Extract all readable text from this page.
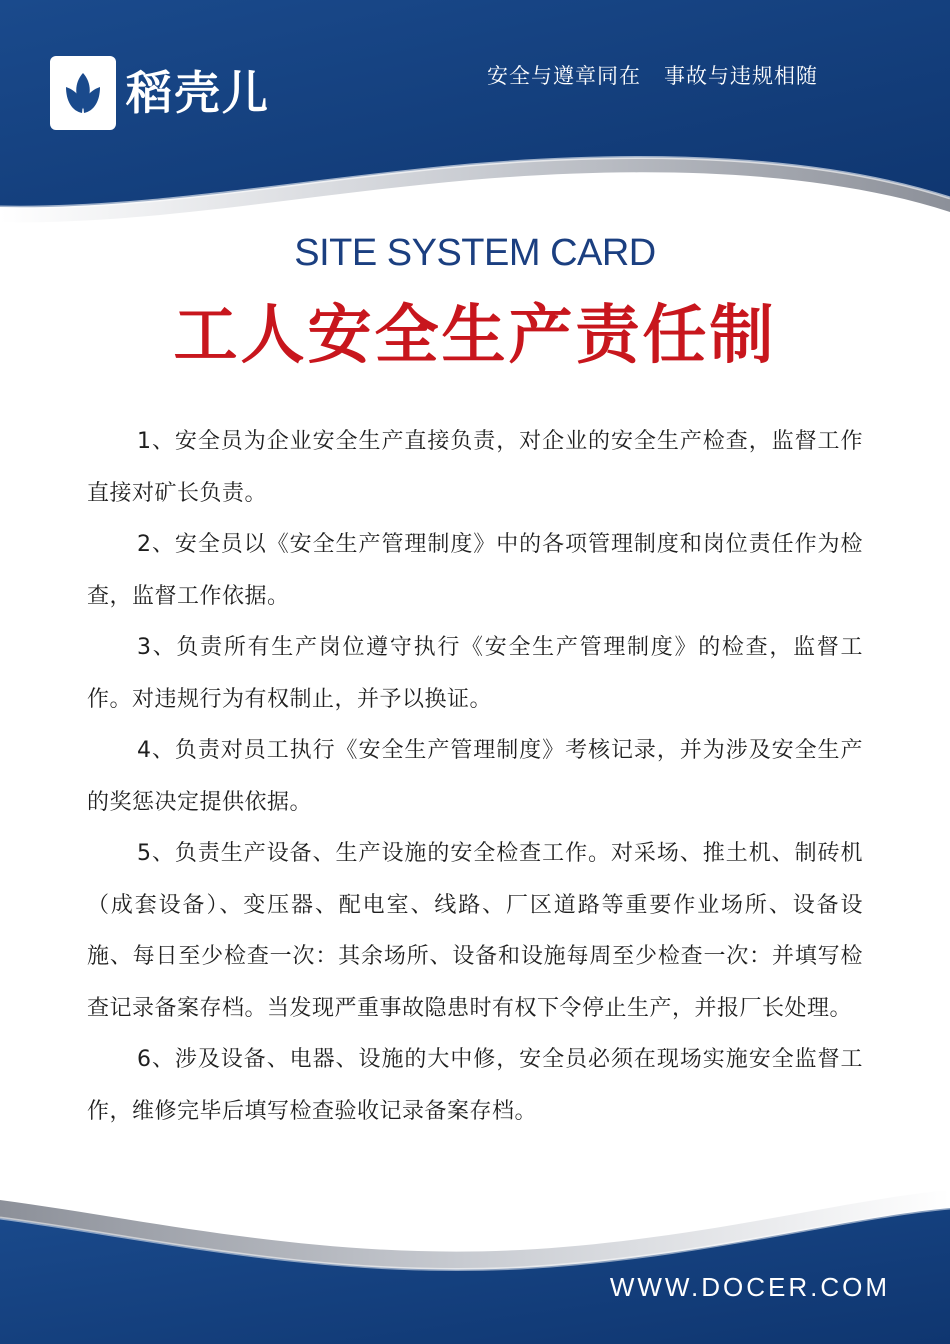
稻壳儿	安全与遵章同在   事故与违规相随
SITE SYSTEM CARD
工人安全生产责任制

1、安全员为企业安全生产直接负责，对企业的安全生产检查，监督工作直接对矿长负责。

2、安全员以《安全生产管理制度》中的各项管理制度和岗位责任作为检查，监督工作依据。

3、负责所有生产岗位遵守执行《安全生产管理制度》的检查，监督工作。对违规行为有权制止，并予以换证。

4、负责对员工执行《安全生产管理制度》考核记录，并为涉及安全生产的奖惩决定提供依据。

5、负责生产设备、生产设施的安全检查工作。对采场、推土机、制砖机（成套设备）、变压器、配电室、线路、厂区道路等重要作业场所、设备设施、每日至少检查一次：其余场所、设备和设施每周至少检查一次：并填写检查记录备案存档。当发现严重事故隐患时有权下令停止生产，并报厂长处理。

6、涉及设备、电器、设施的大中修，安全员必须在现场实施安全监督工作，维修完毕后填写检查验收记录备案存档。

WWW.DOCER.COM
